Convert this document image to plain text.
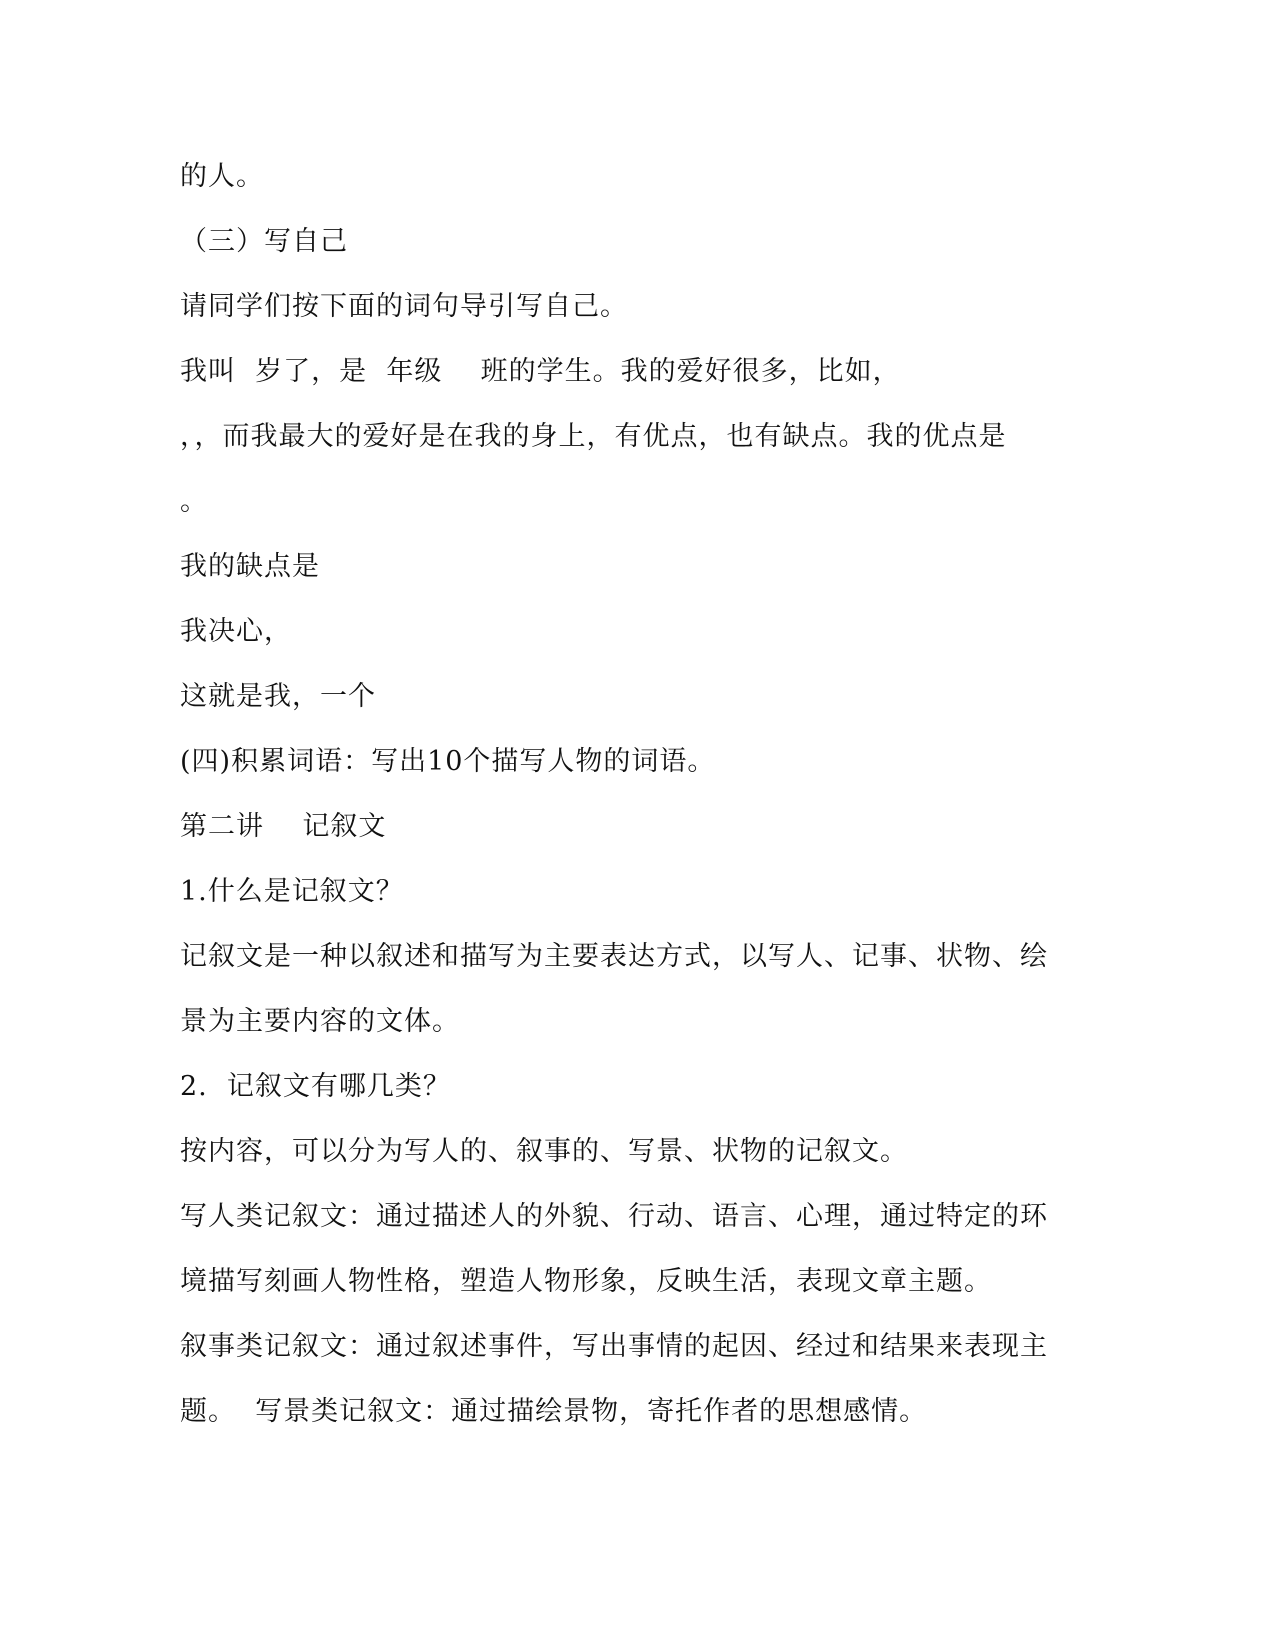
的人。
（三）写自己
请同学们按下面的词句导引写自己。
我叫  岁了，是  年级    班的学生。我的爱好很多，比如，
，，而我最大的爱好是在我的身上，有优点，也有缺点。我的优点是
。
我的缺点是
我决心，
这就是我，一个
(四)积累词语：写出10个描写人物的词语。
第二讲    记叙文
1.什么是记叙文？
记叙文是一种以叙述和描写为主要表达方式，以写人、记事、状物、绘
景为主要内容的文体。
2.  记叙文有哪几类？
按内容，可以分为写人的、叙事的、写景、状物的记叙文。
写人类记叙文：通过描述人的外貌、行动、语言、心理，通过特定的环
境描写刻画人物性格，塑造人物形象，反映生活，表现文章主题。
叙事类记叙文：通过叙述事件，写出事情的起因、经过和结果来表现主
题。  写景类记叙文：通过描绘景物，寄托作者的思想感情。
